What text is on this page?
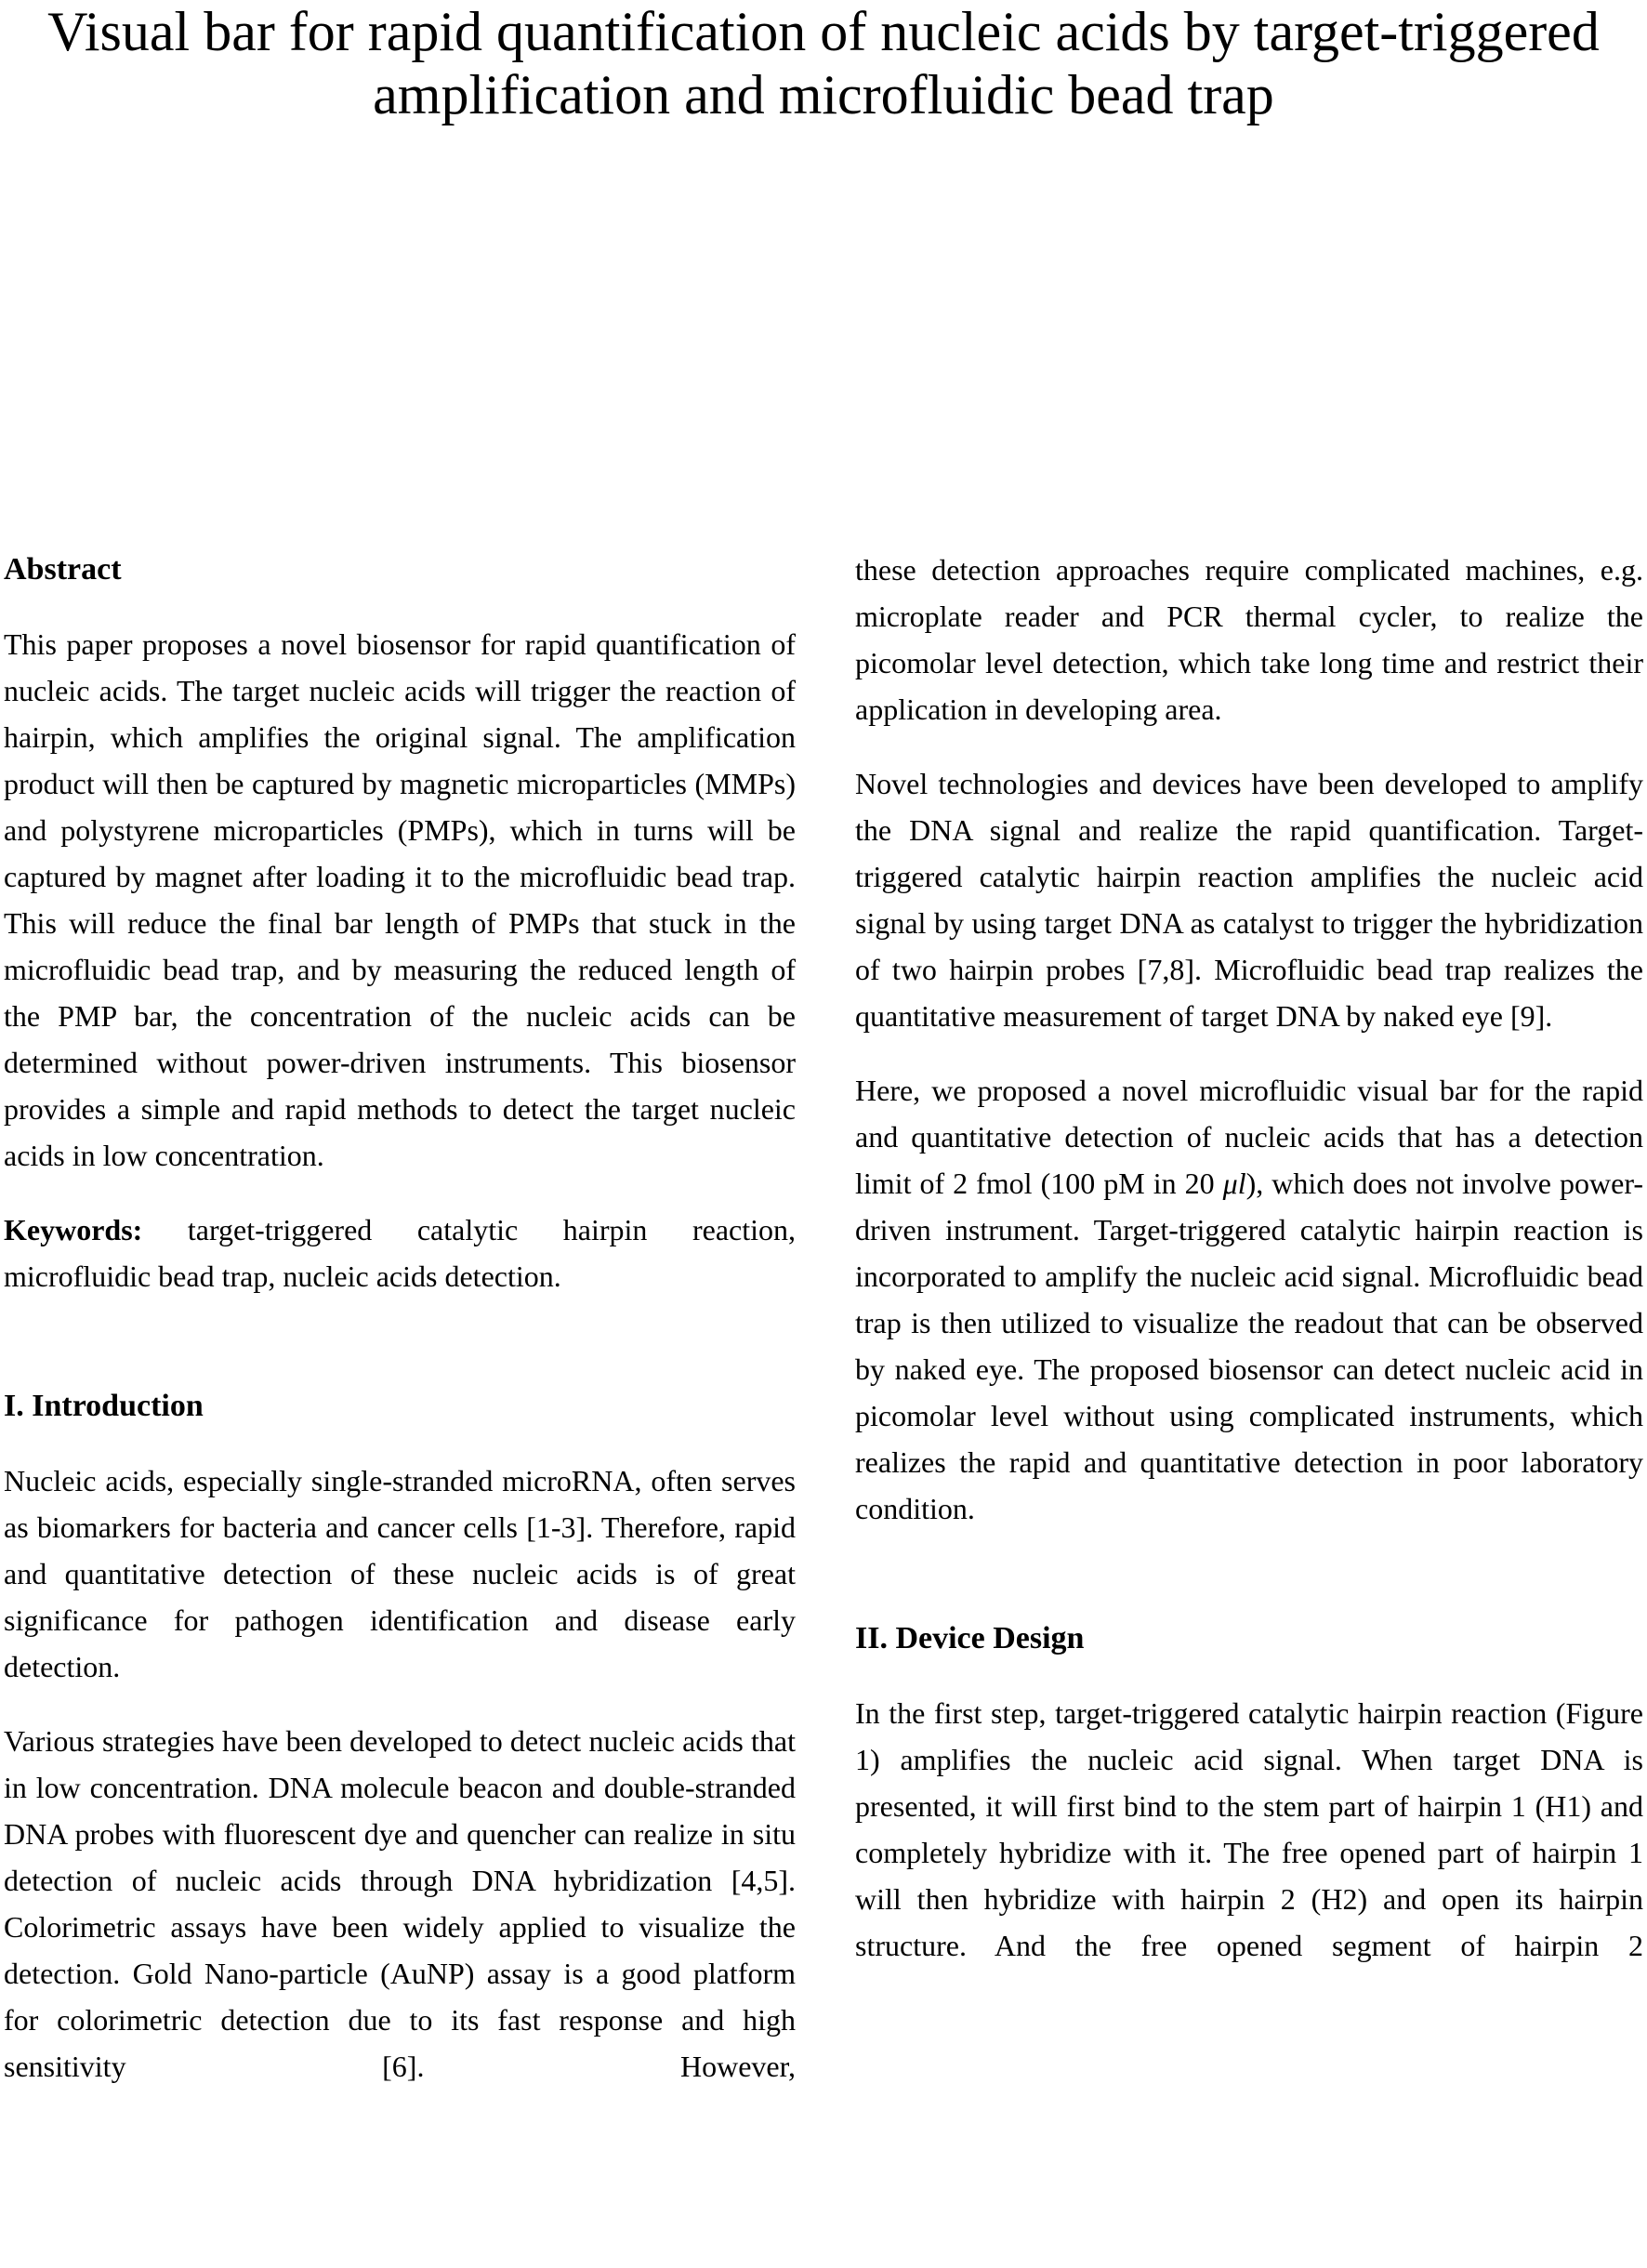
Visual bar for rapid quantification of nucleic acids by target-triggered
amplification and microfluidic bead trap
Abstract

This paper proposes a novel biosensor for rapid quantification of nucleic acids. The target nucleic acids will trigger the reaction of hairpin, which amplifies the original signal. The amplification product will then be captured by magnetic microparticles (MMPs) and polystyrene microparticles (PMPs), which in turns will be captured by magnet after loading it to the microfluidic bead trap. This will reduce the final bar length of PMPs that stuck in the microfluidic bead trap, and by measuring the reduced length of the PMP bar, the concentration of the nucleic acids can be determined without power-driven instruments. This biosensor provides a simple and rapid methods to detect the target nucleic acids in low concentration.

Keywords: target-triggered catalytic hairpin reaction, microfluidic bead trap, nucleic acids detection.

I. Introduction

Nucleic acids, especially single-stranded microRNA, often serves as biomarkers for bacteria and cancer cells [1-3]. Therefore, rapid and quantitative detection of these nucleic acids is of great significance for pathogen identification and disease early detection.

Various strategies have been developed to detect nucleic acids that in low concentration. DNA molecule beacon and double-stranded DNA probes with fluorescent dye and quencher can realize in situ detection of nucleic acids through DNA hybridization [4,5]. Colorimetric assays have been widely applied to visualize the detection. Gold Nano-particle (AuNP) assay is a good platform for colorimetric detection due to its fast response and high sensitivity [6]. However,

these detection approaches require complicated machines, e.g. microplate reader and PCR thermal cycler, to realize the picomolar level detection, which take long time and restrict their application in developing area.

Novel technologies and devices have been developed to amplify the DNA signal and realize the rapid quantification. Target-triggered catalytic hairpin reaction amplifies the nucleic acid signal by using target DNA as catalyst to trigger the hybridization of two hairpin probes [7,8]. Microfluidic bead trap realizes the quantitative measurement of target DNA by naked eye [9].

Here, we proposed a novel microfluidic visual bar for the rapid and quantitative detection of nucleic acids that has a detection limit of 2 fmol (100 pM in 20 μl), which does not involve power-driven instrument. Target-triggered catalytic hairpin reaction is incorporated to amplify the nucleic acid signal. Microfluidic bead trap is then utilized to visualize the readout that can be observed by naked eye. The proposed biosensor can detect nucleic acid in picomolar level without using complicated instruments, which realizes the rapid and quantitative detection in poor laboratory condition.

II. Device Design

In the first step, target-triggered catalytic hairpin reaction (Figure 1) amplifies the nucleic acid signal. When target DNA is presented, it will first bind to the stem part of hairpin 1 (H1) and completely hybridize with it. The free opened part of hairpin 1 will then hybridize with hairpin 2 (H2) and open its hairpin structure. And the free opened segment of hairpin 2
